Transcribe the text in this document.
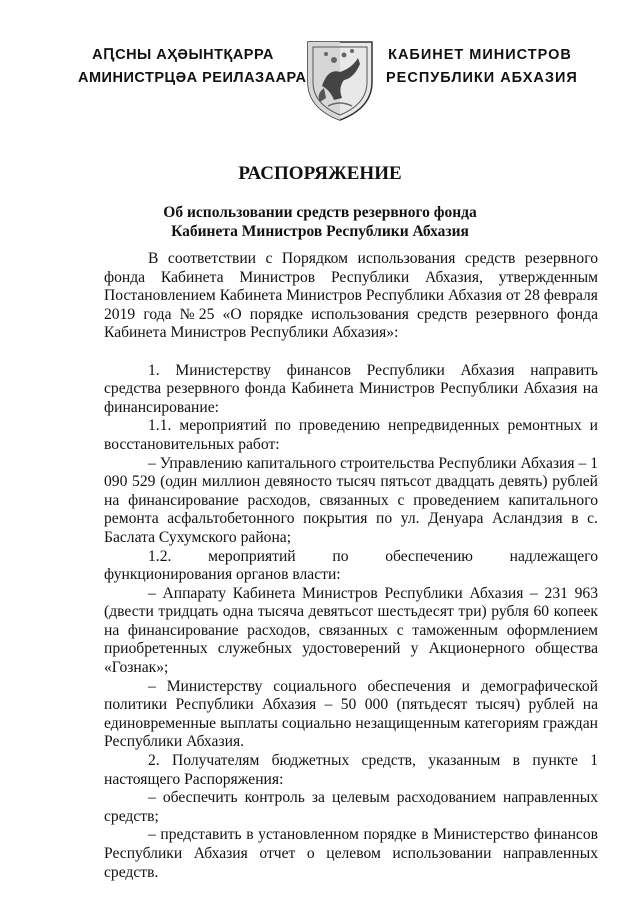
АԤСНЫ АҲӘЫНТҚАРРА
АМИНИСТРЦӘА РЕИЛАЗААРА
КАБИНЕТ МИНИСТРОВ
РЕСПУБЛИКИ АБХАЗИЯ
РАСПОРЯЖЕНИЕ
Об использовании средств резервного фонда
Кабинета Министров Республики Абхазия

В соответствии с Порядком использования средств резервного фонда Кабинета Министров Республики Абхазия, утвержденным Постановлением Кабинета Министров Республики Абхазия от 28 февраля 2019 года №25 «О порядке использования средств резервного фонда Кабинета Министров Республики Абхазия»:

1. Министерству финансов Республики Абхазия направить средства резервного фонда Кабинета Министров Республики Абхазия на финансирование:

1.1. мероприятий по проведению непредвиденных ремонтных и восстановительных работ:

– Управлению капитального строительства Республики Абхазия – 1 090 529 (один миллион девяносто тысяч пятьсот двадцать девять) рублей на финансирование расходов, связанных с проведением капитального ремонта асфальтобетонного покрытия по ул. Денуара Асландзия в с. Баслата Сухумского района;

1.2. мероприятий по обеспечению надлежащего функционирования органов власти:

– Аппарату Кабинета Министров Республики Абхазия – 231 963 (двести тридцать одна тысяча девятьсот шестьдесят три) рубля 60 копеек на финансирование расходов, связанных с таможенным оформлением приобретенных служебных удостоверений у Акционерного общества «Гознак»;

– Министерству социального обеспечения и демографической политики Республики Абхазия – 50 000 (пятьдесят тысяч) рублей на единовременные выплаты социально незащищенным категориям граждан Республики Абхазия.

2. Получателям бюджетных средств, указанным в пункте 1 настоящего Распоряжения:

– обеспечить контроль за целевым расходованием направленных средств;

– представить в установленном порядке в Министерство финансов Республики Абхазия отчет о целевом использовании направленных средств.
